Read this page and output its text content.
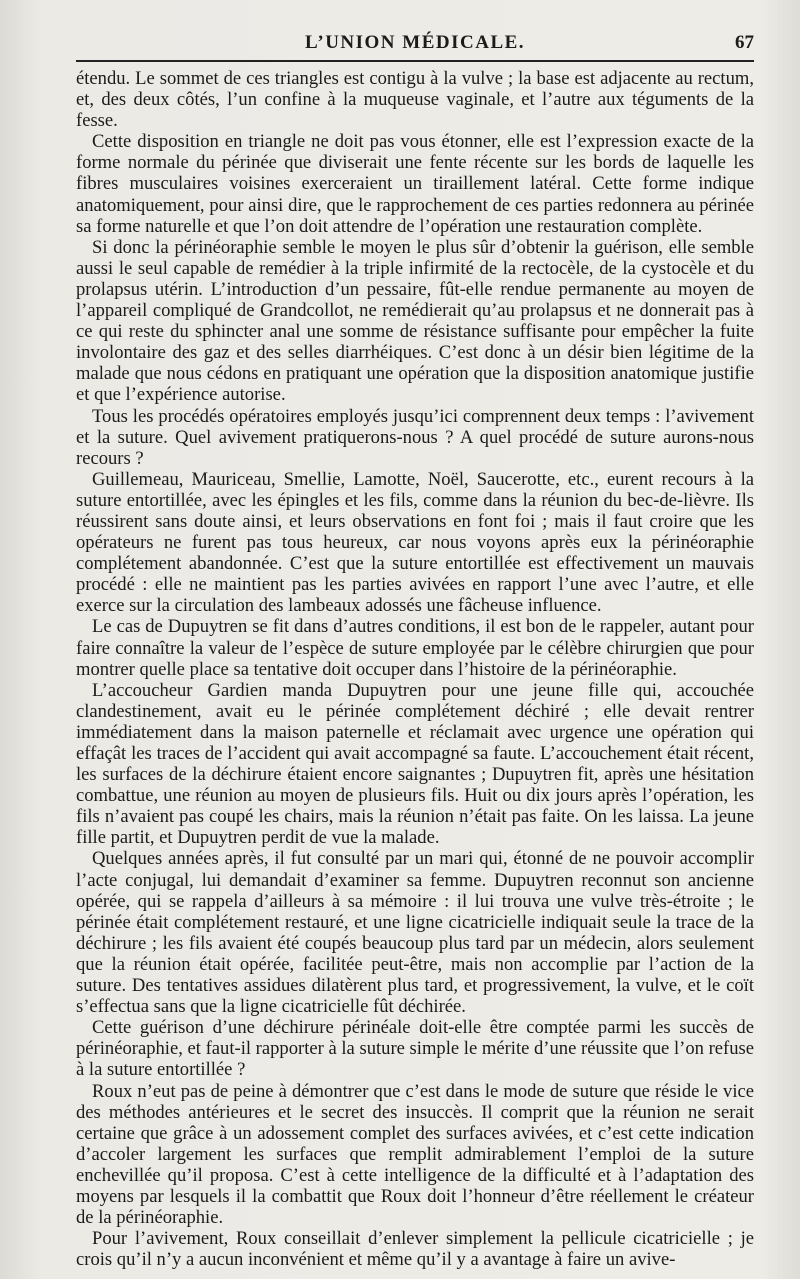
L’UNION MÉDICALE.	67

étendu. Le sommet de ces triangles est contigu à la vulve ; la base est adjacente au rectum, et, des deux côtés, l’un confine à la muqueuse vaginale, et l’autre aux téguments de la fesse.

Cette disposition en triangle ne doit pas vous étonner, elle est l’expression exacte de la forme normale du périnée que diviserait une fente récente sur les bords de laquelle les fibres musculaires voisines exerceraient un tiraillement latéral. Cette forme indique anatomiquement, pour ainsi dire, que le rapprochement de ces parties redonnera au périnée sa forme naturelle et que l’on doit attendre de l’opération une restauration complète.

Si donc la périnéoraphie semble le moyen le plus sûr d’obtenir la guérison, elle semble aussi le seul capable de remédier à la triple infirmité de la rectocèle, de la cystocèle et du prolapsus utérin. L’introduction d’un pessaire, fût-elle rendue permanente au moyen de l’appareil compliqué de Grandcollot, ne remédierait qu’au prolapsus et ne donnerait pas à ce qui reste du sphincter anal une somme de résistance suffisante pour empêcher la fuite involontaire des gaz et des selles diarrhéiques. C’est donc à un désir bien légitime de la malade que nous cédons en pratiquant une opération que la disposition anatomique justifie et que l’expérience autorise.

Tous les procédés opératoires employés jusqu’ici comprennent deux temps : l’avivement et la suture. Quel avivement pratiquerons-nous ? A quel procédé de suture aurons-nous recours ?

Guillemeau, Mauriceau, Smellie, Lamotte, Noël, Saucerotte, etc., eurent recours à la suture entortillée, avec les épingles et les fils, comme dans la réunion du bec-de-lièvre. Ils réussirent sans doute ainsi, et leurs observations en font foi ; mais il faut croire que les opérateurs ne furent pas tous heureux, car nous voyons après eux la périnéoraphie complétement abandonnée. C’est que la suture entortillée est effectivement un mauvais procédé : elle ne maintient pas les parties avivées en rapport l’une avec l’autre, et elle exerce sur la circulation des lambeaux adossés une fâcheuse influence.

Le cas de Dupuytren se fit dans d’autres conditions, il est bon de le rappeler, autant pour faire connaître la valeur de l’espèce de suture employée par le célèbre chirurgien que pour montrer quelle place sa tentative doit occuper dans l’histoire de la périnéoraphie.

L’accoucheur Gardien manda Dupuytren pour une jeune fille qui, accouchée clandestinement, avait eu le périnée complétement déchiré ; elle devait rentrer immédiatement dans la maison paternelle et réclamait avec urgence une opération qui effaçât les traces de l’accident qui avait accompagné sa faute. L’accouchement était récent, les surfaces de la déchirure étaient encore saignantes ; Dupuytren fit, après une hésitation combattue, une réunion au moyen de plusieurs fils. Huit ou dix jours après l’opération, les fils n’avaient pas coupé les chairs, mais la réunion n’était pas faite. On les laissa. La jeune fille partit, et Dupuytren perdit de vue la malade.

Quelques années après, il fut consulté par un mari qui, étonné de ne pouvoir accomplir l’acte conjugal, lui demandait d’examiner sa femme. Dupuytren reconnut son ancienne opérée, qui se rappela d’ailleurs à sa mémoire : il lui trouva une vulve très-étroite ; le périnée était complétement restauré, et une ligne cicatricielle indiquait seule la trace de la déchirure ; les fils avaient été coupés beaucoup plus tard par un médecin, alors seulement que la réunion était opérée, facilitée peut-être, mais non accomplie par l’action de la suture. Des tentatives assidues dilatèrent plus tard, et progressivement, la vulve, et le coït s’effectua sans que la ligne cicatricielle fût déchirée.

Cette guérison d’une déchirure périnéale doit-elle être comptée parmi les succès de périnéoraphie, et faut-il rapporter à la suture simple le mérite d’une réussite que l’on refuse à la suture entortillée ?

Roux n’eut pas de peine à démontrer que c’est dans le mode de suture que réside le vice des méthodes antérieures et le secret des insuccès. Il comprit que la réunion ne serait certaine que grâce à un adossement complet des surfaces avivées, et c’est cette indication d’accoler largement les surfaces que remplit admirablement l’emploi de la suture enchevillée qu’il proposa. C’est à cette intelligence de la difficulté et à l’adaptation des moyens par lesquels il la combattit que Roux doit l’honneur d’être réellement le créateur de la périnéoraphie.

Pour l’avivement, Roux conseillait d’enlever simplement la pellicule cicatricielle ; je crois qu’il n’y a aucun inconvénient et même qu’il y a avantage à faire un avive-
